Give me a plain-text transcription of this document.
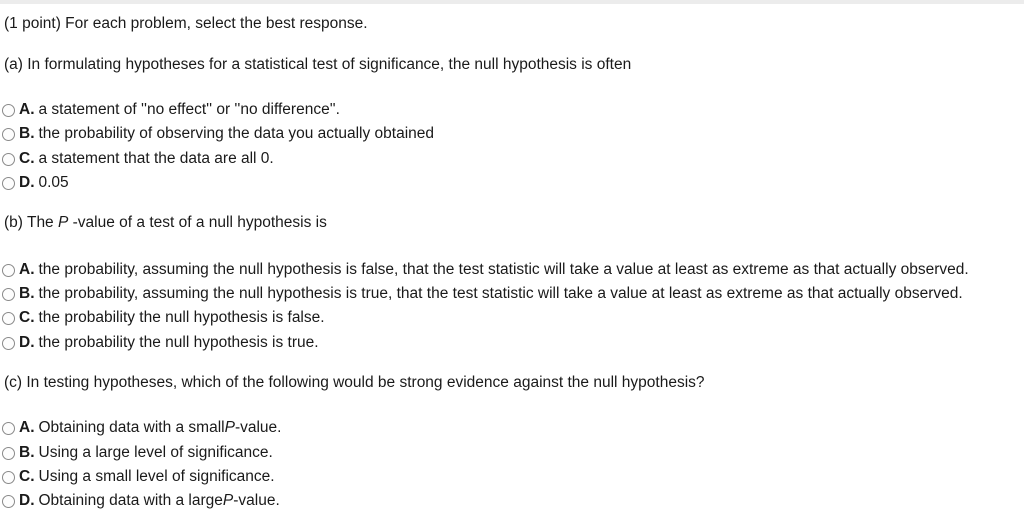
(1 point) For each problem, select the best response.
(a) In formulating hypotheses for a statistical test of significance, the null hypothesis is often
A. a statement of ''no effect'' or ''no difference''.
B. the probability of observing the data you actually obtained
C. a statement that the data are all 0.
D. 0.05
(b) The P -value of a test of a null hypothesis is
A. the probability, assuming the null hypothesis is false, that the test statistic will take a value at least as extreme as that actually observed.
B. the probability, assuming the null hypothesis is true, that the test statistic will take a value at least as extreme as that actually observed.
C. the probability the null hypothesis is false.
D. the probability the null hypothesis is true.
(c) In testing hypotheses, which of the following would be strong evidence against the null hypothesis?
A. Obtaining data with a small P -value.
B. Using a large level of significance.
C. Using a small level of significance.
D. Obtaining data with a large P -value.
